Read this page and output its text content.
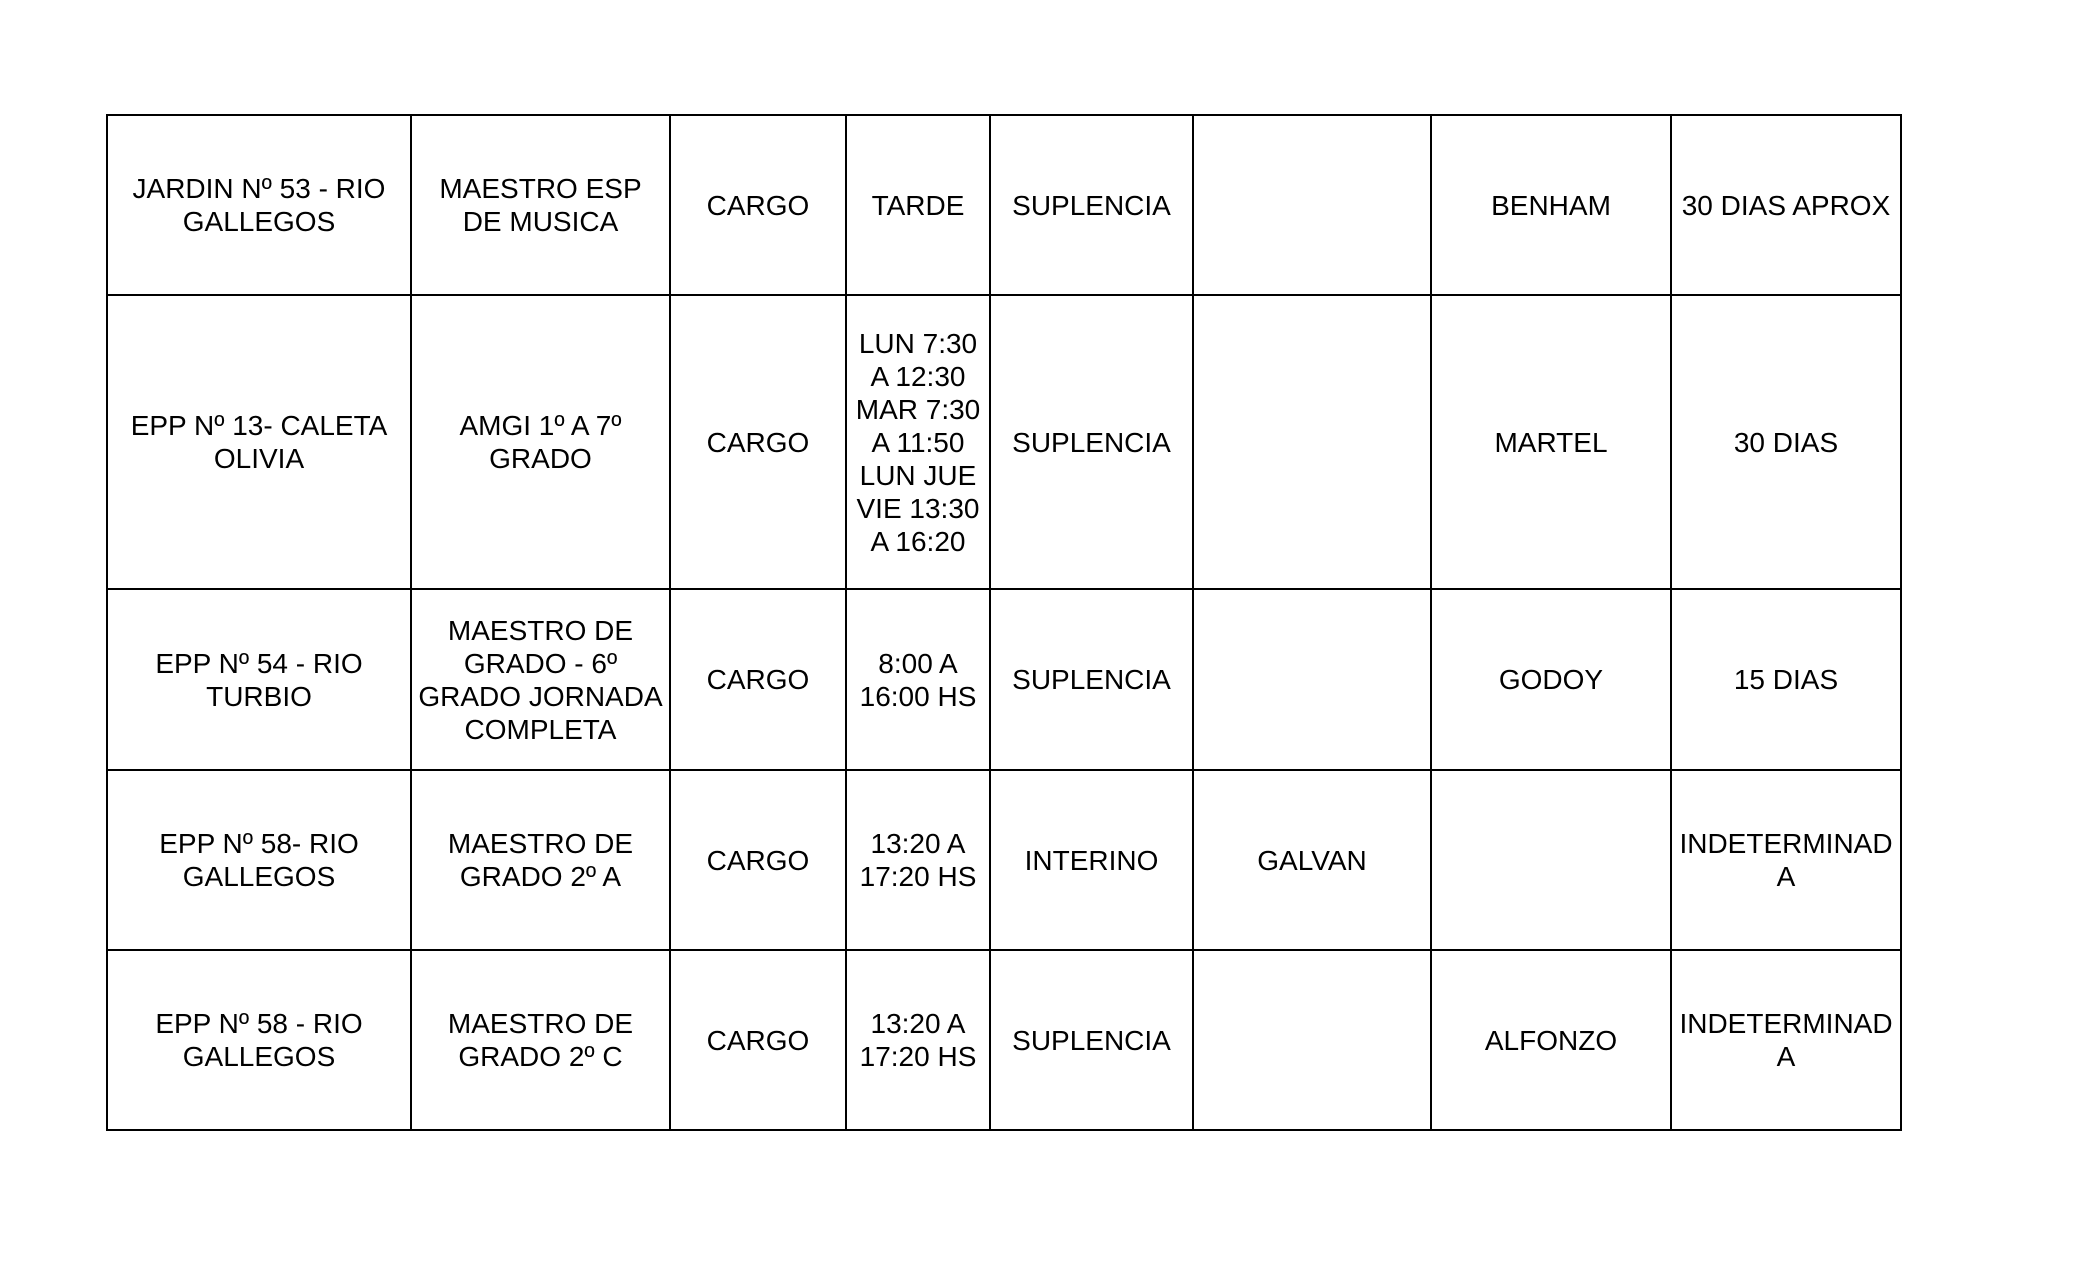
JARDIN Nº 53 - RIO GALLEGOS	MAESTRO ESP DE MUSICA	CARGO	TARDE	SUPLENCIA		BENHAM	30 DIAS APROX
EPP Nº 13- CALETA OLIVIA	AMGI 1º A 7º GRADO	CARGO	LUN 7:30 A 12:30 MAR 7:30 A 11:50 LUN JUE VIE 13:30 A 16:20	SUPLENCIA		MARTEL	30 DIAS
EPP Nº 54 - RIO TURBIO	MAESTRO DE GRADO - 6º GRADO JORNADA COMPLETA	CARGO	8:00 A 16:00 HS	SUPLENCIA		GODOY	15 DIAS
EPP Nº 58- RIO GALLEGOS	MAESTRO DE GRADO 2º A	CARGO	13:20 A 17:20 HS	INTERINO	GALVAN		INDETERMINADA
EPP Nº 58 - RIO GALLEGOS	MAESTRO DE GRADO 2º C	CARGO	13:20 A 17:20 HS	SUPLENCIA		ALFONZO	INDETERMINADA
